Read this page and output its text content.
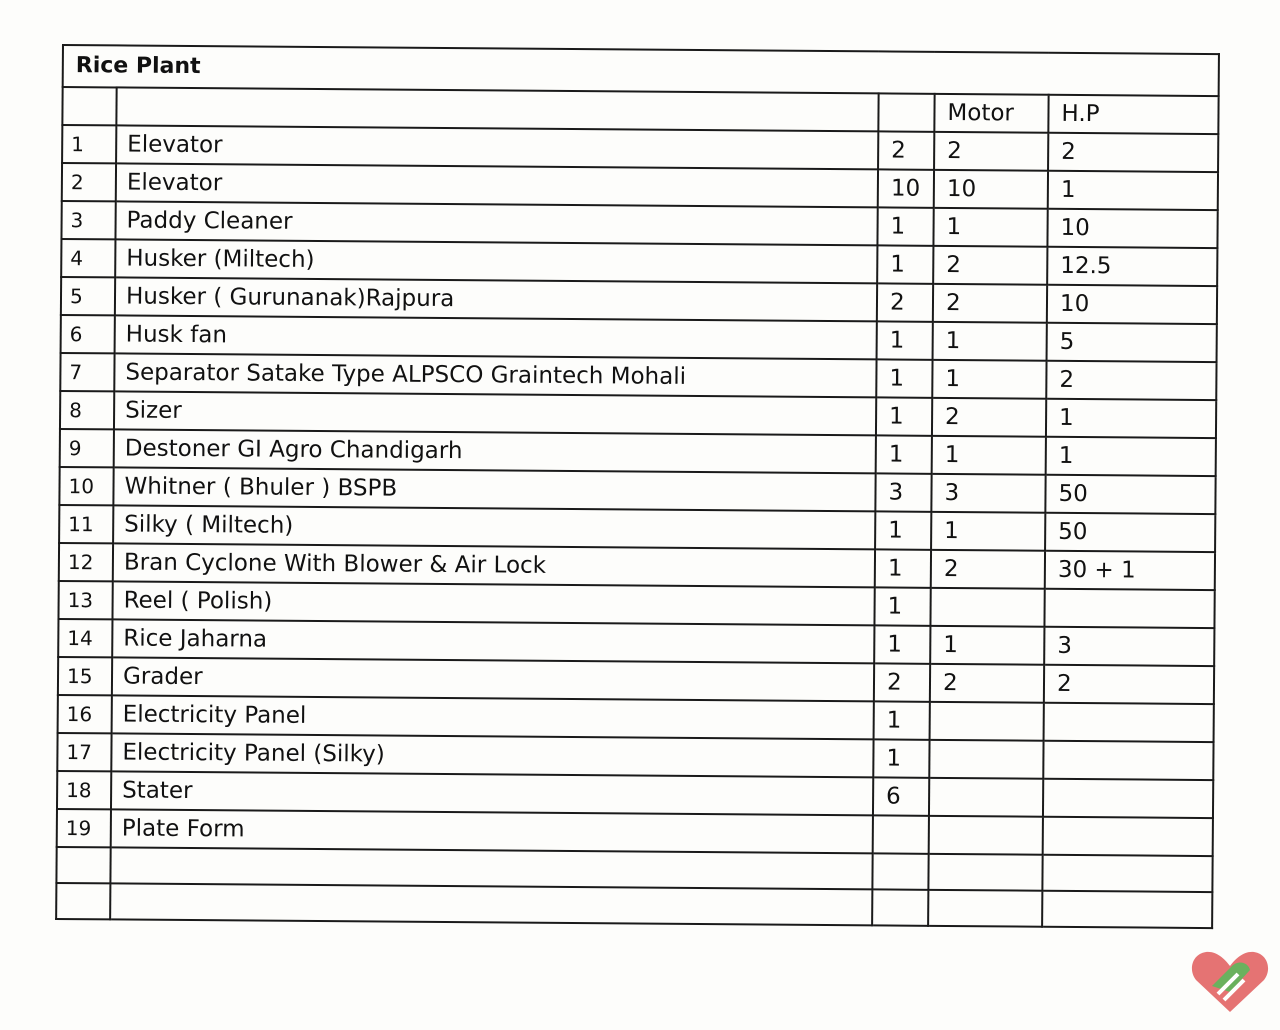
Rice Plant				
			Motor	H.P
1	Elevator	2	2	2
2	Elevator	10	10	1
3	Paddy Cleaner	1	1	10
4	Husker (Miltech)	1	2	12.5
5	Husker ( Gurunanak)Rajpura	2	2	10
6	Husk fan	1	1	5
7	Separator Satake Type ALPSCO Graintech Mohali	1	1	2
8	Sizer	1	2	1
9	Destoner GI Agro Chandigarh	1	1	1
10	Whitner ( Bhuler ) BSPB	3	3	50
11	Silky ( Miltech)	1	1	50
12	Bran Cyclone With Blower & Air Lock	1	2	30 + 1
13	Reel ( Polish)	1		
14	Rice Jaharna	1	1	3
15	Grader	2	2	2
16	Electricity Panel	1		
17	Electricity Panel (Silky)	1		
18	Stater	6		
19	Plate Form			
